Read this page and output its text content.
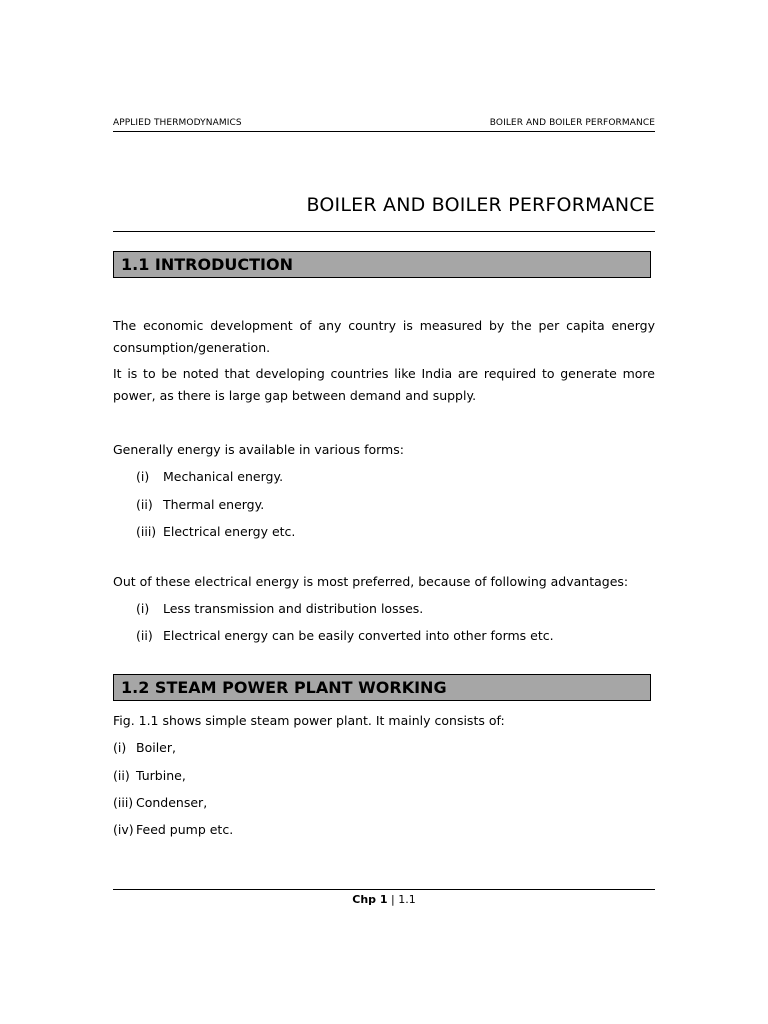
APPLIED THERMODYNAMICS	BOILER AND BOILER PERFORMANCE
BOILER AND BOILER PERFORMANCE
1.1 INTRODUCTION
The economic development of any country is measured by the per capita energy consumption/generation.
It is to be noted that developing countries like India are required to generate more power, as there is large gap between demand and supply.
Generally energy is available in various forms:
(i) Mechanical energy.
(ii) Thermal energy.
(iii) Electrical energy etc.
Out of these electrical energy is most preferred, because of following advantages:
(i) Less transmission and distribution losses.
(ii) Electrical energy can be easily converted into other forms etc.
1.2 STEAM POWER PLANT WORKING
Fig. 1.1 shows simple steam power plant. It mainly consists of:
(i) Boiler,
(ii) Turbine,
(iii) Condenser,
(iv) Feed pump etc.
Chp 1 | 1.1
